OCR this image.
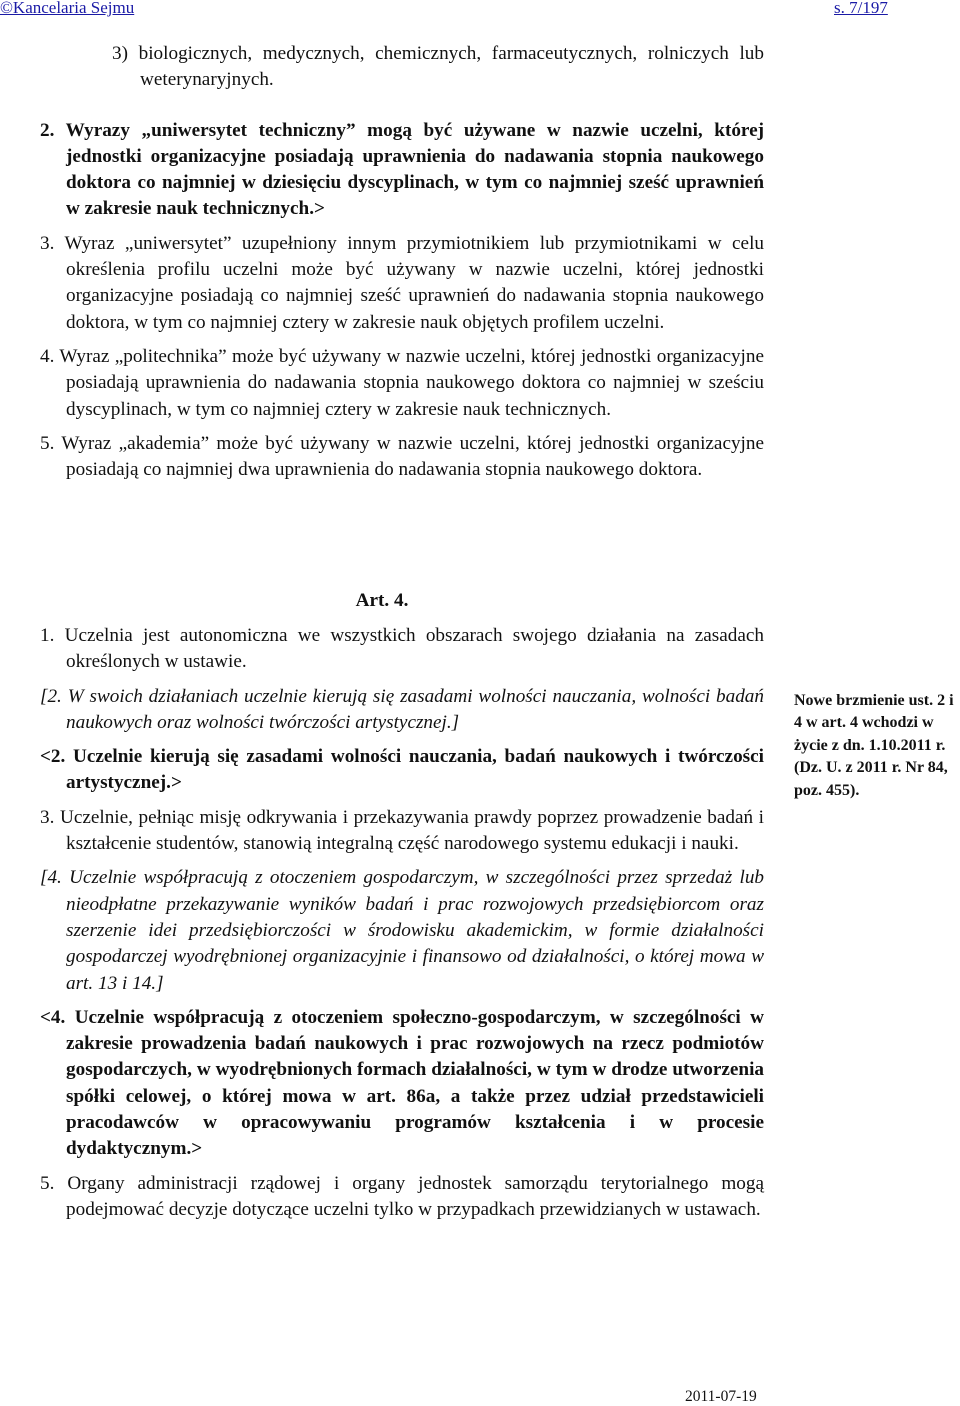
©Kancelaria Sejmu	s. 7/197

3) biologicznych, medycznych, chemicznych, farmaceutycznych, rolniczych lub weterynaryjnych.

2. Wyrazy „uniwersytet techniczny” mogą być używane w nazwie uczelni, której jednostki organizacyjne posiadają uprawnienia do nadawania stopnia naukowego doktora co najmniej w dziesięciu dyscyplinach, w tym co najmniej sześć uprawnień w zakresie nauk technicznych.>

3. Wyraz „uniwersytet” uzupełniony innym przymiotnikiem lub przymiotnikami w celu określenia profilu uczelni może być używany w nazwie uczelni, której jednostki organizacyjne posiadają co najmniej sześć uprawnień do nadawania stopnia naukowego doktora, w tym co najmniej cztery w zakresie nauk objętych profilem uczelni.

4. Wyraz „politechnika” może być używany w nazwie uczelni, której jednostki organizacyjne posiadają uprawnienia do nadawania stopnia naukowego doktora co najmniej w sześciu dyscyplinach, w tym co najmniej cztery w zakresie nauk technicznych.

5. Wyraz „akademia” może być używany w nazwie uczelni, której jednostki organizacyjne posiadają co najmniej dwa uprawnienia do nadawania stopnia naukowego doktora.

Art. 4.

1. Uczelnia jest autonomiczna we wszystkich obszarach swojego działania na zasadach określonych w ustawie.

[2. W swoich działaniach uczelnie kierują się zasadami wolności nauczania, wolności badań naukowych oraz wolności twórczości artystycznej.]

<2. Uczelnie kierują się zasadami wolności nauczania, badań naukowych i twórczości artystycznej.>

3. Uczelnie, pełniąc misję odkrywania i przekazywania prawdy poprzez prowadzenie badań i kształcenie studentów, stanowią integralną część narodowego systemu edukacji i nauki.

[4. Uczelnie współpracują z otoczeniem gospodarczym, w szczególności przez sprzedaż lub nieodpłatne przekazywanie wyników badań i prac rozwojowych przedsiębiorcom oraz szerzenie idei przedsiębiorczości w środowisku akademickim, w formie działalności gospodarczej wyodrębnionej organizacyjnie i finansowo od działalności, o której mowa w art. 13 i 14.]

<4. Uczelnie współpracują z otoczeniem społeczno-gospodarczym, w szczególności w zakresie prowadzenia badań naukowych i prac rozwojowych na rzecz podmiotów gospodarczych, w wyodrębnionych formach działalności, w tym w drodze utworzenia spółki celowej, o której mowa w art. 86a, a także przez udział przedstawicieli pracodawców w opracowywaniu programów kształcenia i w procesie dydaktycznym.>

5. Organy administracji rządowej i organy jednostek samorządu terytorialnego mogą podejmować decyzje dotyczące uczelni tylko w przypadkach przewidzianych w ustawach.

Nowe brzmienie ust. 2 i 4 w art. 4 wchodzi w życie z dn. 1.10.2011 r. (Dz. U. z 2011 r. Nr 84, poz. 455).
2011-07-19
